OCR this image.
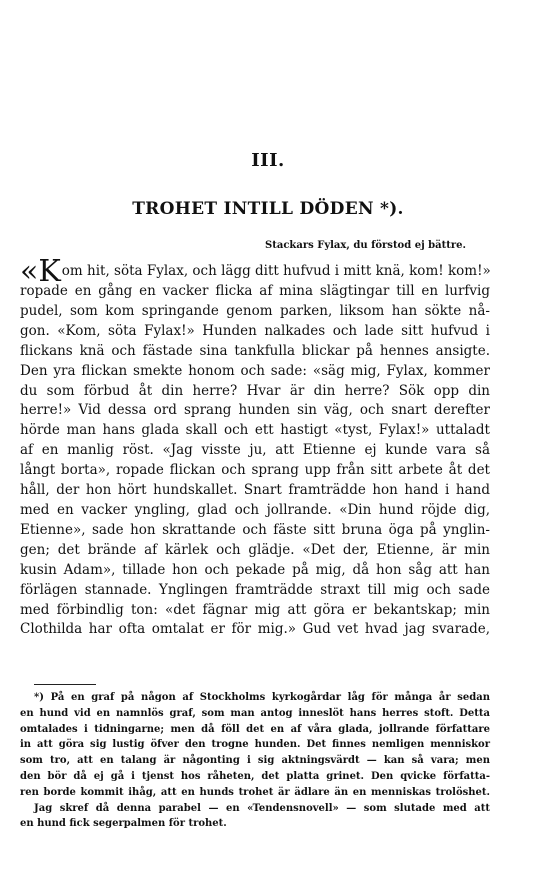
III.
TROHET INTILL DÖDEN *).
Stackars Fylax, du förstod ej bättre.
«Kom hit, söta Fylax, och lägg ditt hufvud i mitt knä, kom! kom!»
ropade en gång en vacker flicka af mina slägtingar till en lurfvig
pudel, som kom springande genom parken, liksom han sökte nå-
gon. «Kom, söta Fylax!» Hunden nalkades och lade sitt hufvud i
flickans knä och fästade sina tankfulla blickar på hennes ansigte.
Den yra flickan smekte honom och sade: «säg mig, Fylax, kommer
du som förbud åt din herre? Hvar är din herre? Sök opp din
herre!» Vid dessa ord sprang hunden sin väg, och snart derefter
hörde man hans glada skall och ett hastigt «tyst, Fylax!» uttaladt
af en manlig röst. «Jag visste ju, att Etienne ej kunde vara så
långt borta», ropade flickan och sprang upp från sitt arbete åt det
håll, der hon hört hundskallet. Snart framträdde hon hand i hand
med en vacker yngling, glad och jollrande. «Din hund röjde dig,
Etienne», sade hon skrattande och fäste sitt bruna öga på ynglin-
gen; det brände af kärlek och glädje. «Det der, Etienne, är min
kusin Adam», tillade hon och pekade på mig, då hon såg att han
förlägen stannade. Ynglingen framträdde straxt till mig och sade
med förbindlig ton: «det fägnar mig att göra er bekantskap; min
Clothilda har ofta omtalat er för mig.» Gud vet hvad jag svarade,
*) På en graf på någon af Stockholms kyrkogårdar låg för många år sedan
en hund vid en namnlös graf, som man antog inneslöt hans herres stoft. Detta
omtalades i tidningarne; men då föll det en af våra glada, jollrande författare
in att göra sig lustig öfver den trogne hunden. Det finnes nemligen menniskor
som tro, att en talang är någonting i sig aktningsvärdt — kan så vara; men
den bör då ej gå i tjenst hos råheten, det platta grinet. Den qvicke författa-
ren borde kommit ihåg, att en hunds trohet är ädlare än en menniskas trolöshet.
Jag skref då denna parabel — en «Tendensnovell» — som slutade med att
en hund fick segerpalmen för trohet.
